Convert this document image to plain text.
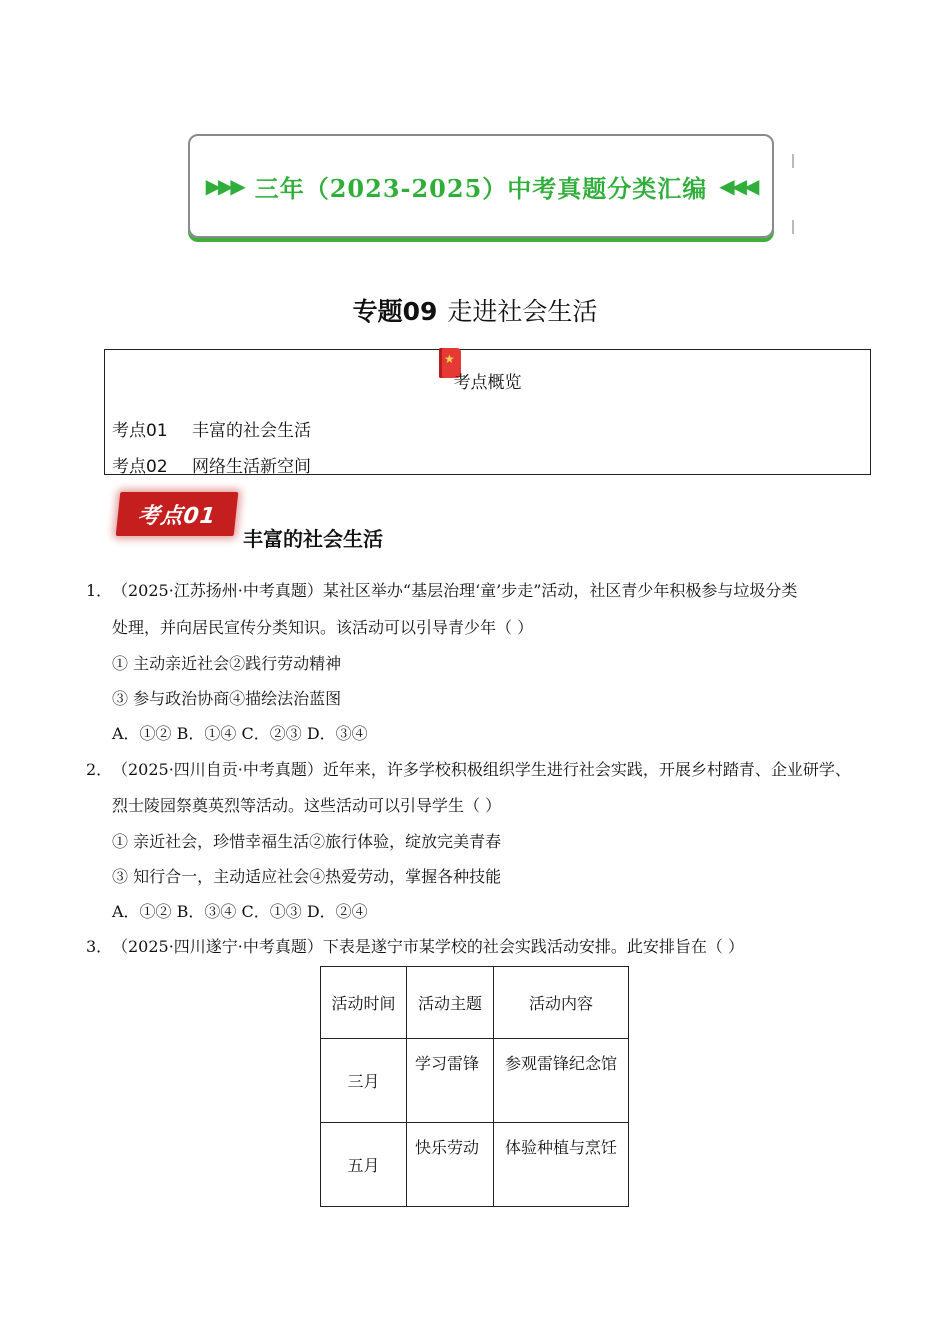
▶▶▶ 三年（2023-2025）中考真题分类汇编 ◀◀◀
专题09 走进社会生活
★
考点概览
考点01 丰富的社会生活
考点02 网络生活新空间
考点01
丰富的社会生活
1． （2025·江苏扬州·中考真题）某社区举办“基层治理‘童’步走”活动，社区青少年积极参与垃圾分类
处理，并向居民宣传分类知识。该活动可以引导青少年（ ）
① 主动亲近社会②践行劳动精神
③ 参与政治协商④描绘法治蓝图
A．①② B．①④ C．②③ D．③④
2． （2025·四川自贡·中考真题）近年来，许多学校积极组织学生进行社会实践，开展乡村踏青、企业研学、
烈士陵园祭奠英烈等活动。这些活动可以引导学生（ ）
① 亲近社会，珍惜幸福生活②旅行体验，绽放完美青春
③ 知行合一，主动适应社会④热爱劳动，掌握各种技能
A．①② B．③④ C．①③ D．②④
3． （2025·四川遂宁·中考真题）下表是遂宁市某学校的社会实践活动安排。此安排旨在（ ）
活动时间	活动主题	活动内容
三月	学习雷锋	参观雷锋纪念馆
五月	快乐劳动	体验种植与烹饪
